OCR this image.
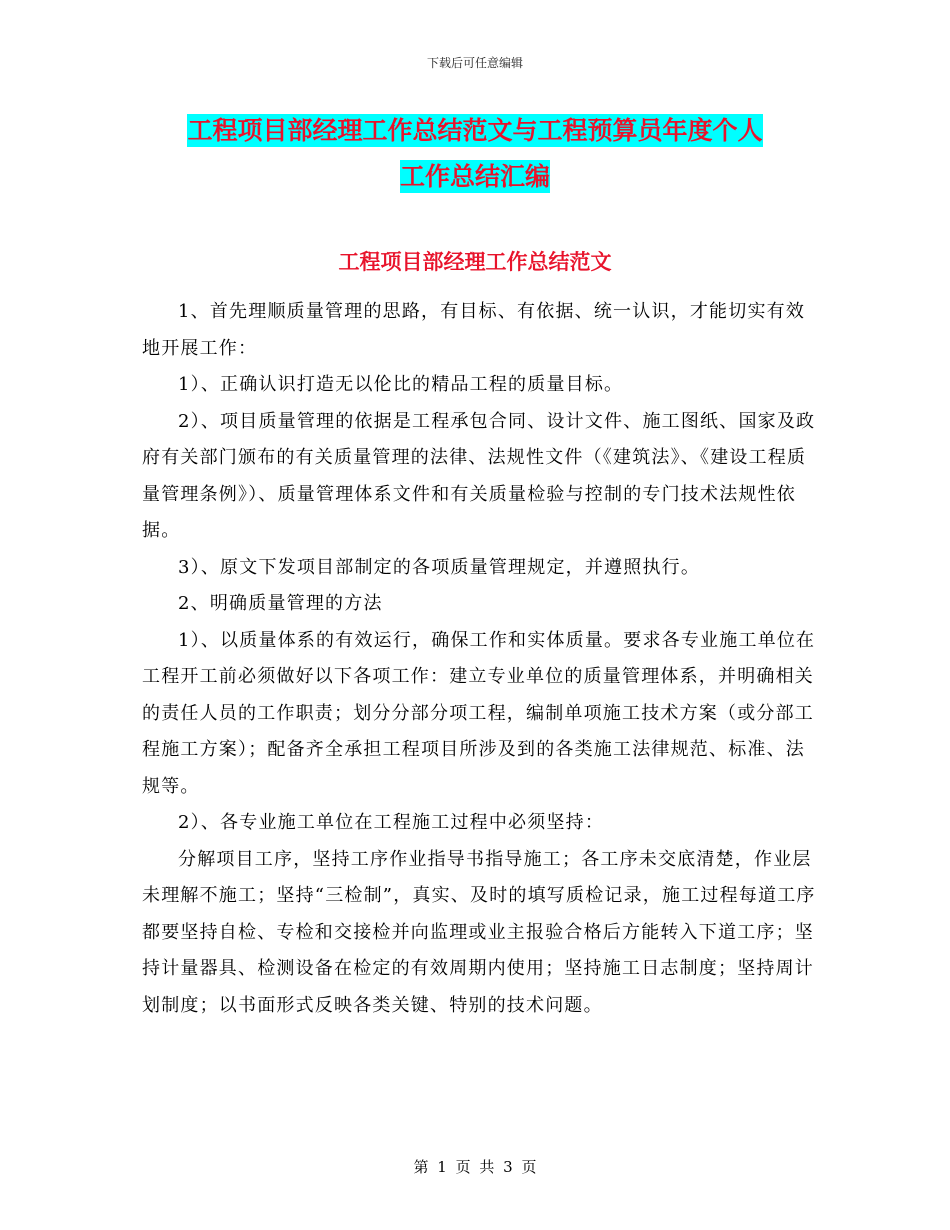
下载后可任意编辑
工程项目部经理工作总结范文与工程预算员年度个人
工作总结汇编
工程项目部经理工作总结范文

1、首先理顺质量管理的思路，有目标、有依据、统一认识，才能切实有效地开展工作：

1）、正确认识打造无以伦比的精品工程的质量目标。

2）、项目质量管理的依据是工程承包合同、设计文件、施工图纸、国家及政府有关部门颁布的有关质量管理的法律、法规性文件（《建筑法》、《建设工程质量管理条例》）、质量管理体系文件和有关质量检验与控制的专门技术法规性依据。

3）、原文下发项目部制定的各项质量管理规定，并遵照执行。

2、明确质量管理的方法

1）、以质量体系的有效运行，确保工作和实体质量。要求各专业施工单位在工程开工前必须做好以下各项工作：建立专业单位的质量管理体系，并明确相关的责任人员的工作职责；划分分部分项工程，编制单项施工技术方案（或分部工程施工方案）；配备齐全承担工程项目所涉及到的各类施工法律规范、标准、法规等。

2）、各专业施工单位在工程施工过程中必须坚持：

分解项目工序，坚持工序作业指导书指导施工；各工序未交底清楚，作业层未理解不施工；坚持“三检制”，真实、及时的填写质检记录，施工过程每道工序都要坚持自检、专检和交接检并向监理或业主报验合格后方能转入下道工序；坚持计量器具、检测设备在检定的有效周期内使用；坚持施工日志制度；坚持周计划制度；以书面形式反映各类关键、特别的技术问题。

第 1 页 共 3 页
